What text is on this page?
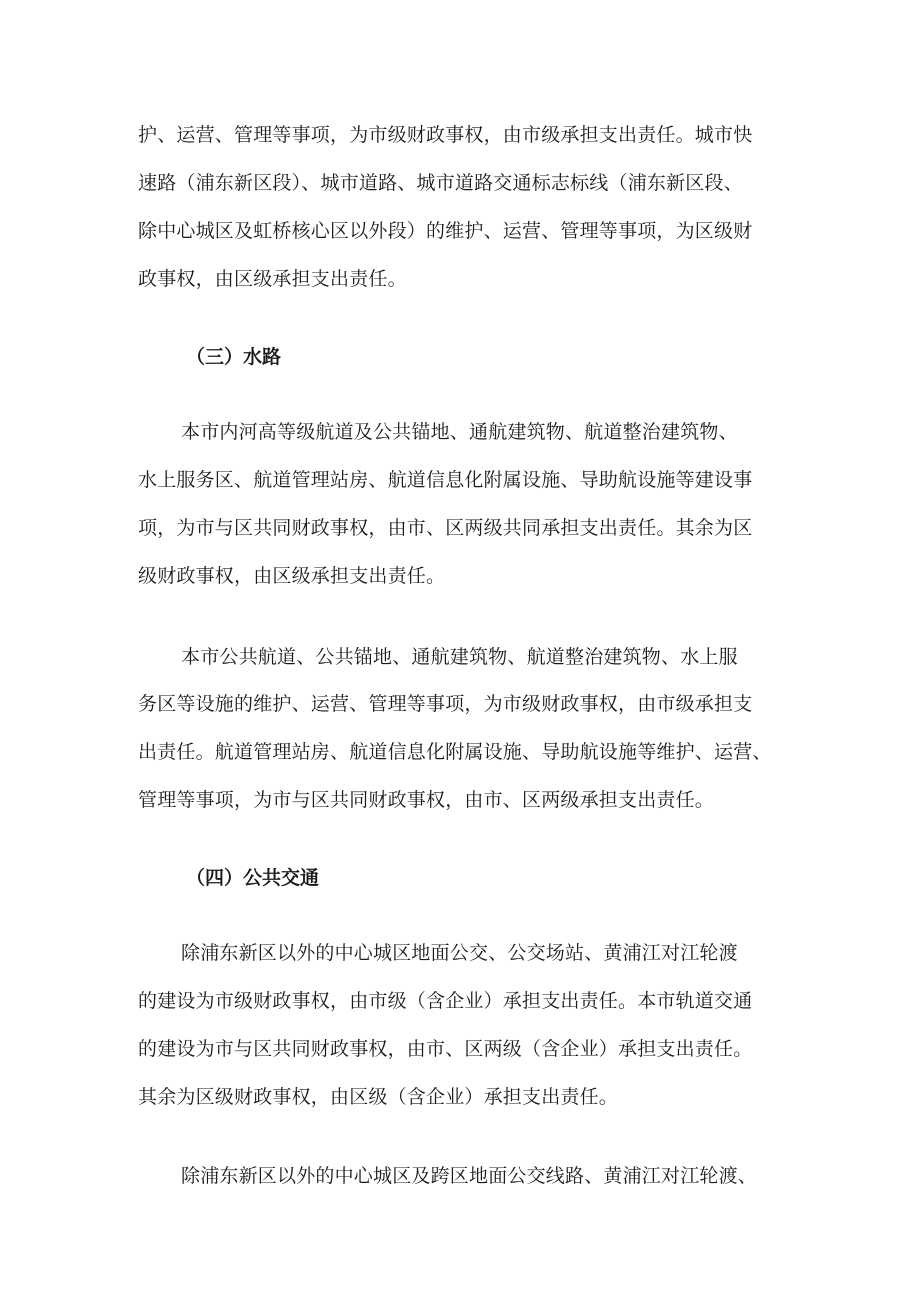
护、运营、管理等事项，为市级财政事权，由市级承担支出责任。城市快
速路（浦东新区段）、城市道路、城市道路交通标志标线（浦东新区段、
除中心城区及虹桥核心区以外段）的维护、运营、管理等事项，为区级财
政事权，由区级承担支出责任。
（三）水路
本市内河高等级航道及公共锚地、通航建筑物、航道整治建筑物、
水上服务区、航道管理站房、航道信息化附属设施、导助航设施等建设事
项，为市与区共同财政事权，由市、区两级共同承担支出责任。其余为区
级财政事权，由区级承担支出责任。
本市公共航道、公共锚地、通航建筑物、航道整治建筑物、水上服
务区等设施的维护、运营、管理等事项，为市级财政事权，由市级承担支
出责任。航道管理站房、航道信息化附属设施、导助航设施等维护、运营、
管理等事项，为市与区共同财政事权，由市、区两级承担支出责任。
（四）公共交通
除浦东新区以外的中心城区地面公交、公交场站、黄浦江对江轮渡
的建设为市级财政事权，由市级（含企业）承担支出责任。本市轨道交通
的建设为市与区共同财政事权，由市、区两级（含企业）承担支出责任。
其余为区级财政事权，由区级（含企业）承担支出责任。
除浦东新区以外的中心城区及跨区地面公交线路、黄浦江对江轮渡、
